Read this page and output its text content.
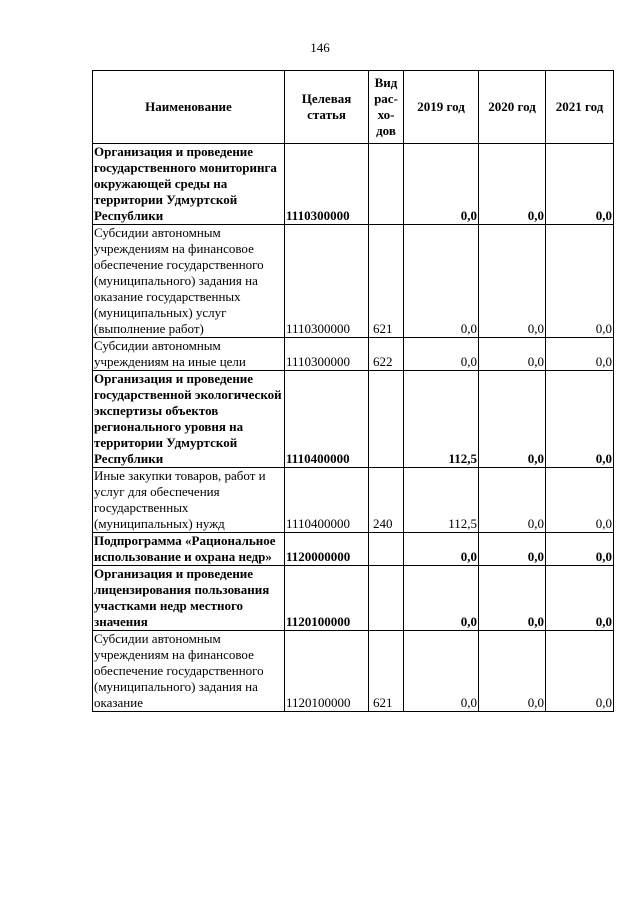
146
Наименование	Целевая статья	Вид рас-хо-дов	2019 год	2020 год	2021 год
Организация и проведение государственного мониторинга окружающей среды на территории Удмуртской Республики	1110300000		0,0	0,0	0,0
Субсидии автономным учреждениям на финансовое обеспечение государственного (муниципального) задания на оказание государственных (муниципальных) услуг (выполнение работ)	1110300000	621	0,0	0,0	0,0
Субсидии автономным учреждениям на иные цели	1110300000	622	0,0	0,0	0,0
Организация и проведение государственной экологической экспертизы объектов регионального уровня на территории Удмуртской Республики	1110400000		112,5	0,0	0,0
Иные закупки товаров, работ и услуг для обеспечения государственных (муниципальных) нужд	1110400000	240	112,5	0,0	0,0
Подпрограмма «Рациональное использование и охрана недр»	1120000000		0,0	0,0	0,0
Организация и проведение лицензирования пользования участками недр местного значения	1120100000		0,0	0,0	0,0
Субсидии автономным учреждениям на финансовое обеспечение государственного (муниципального) задания на оказание	1120100000	621	0,0	0,0	0,0
